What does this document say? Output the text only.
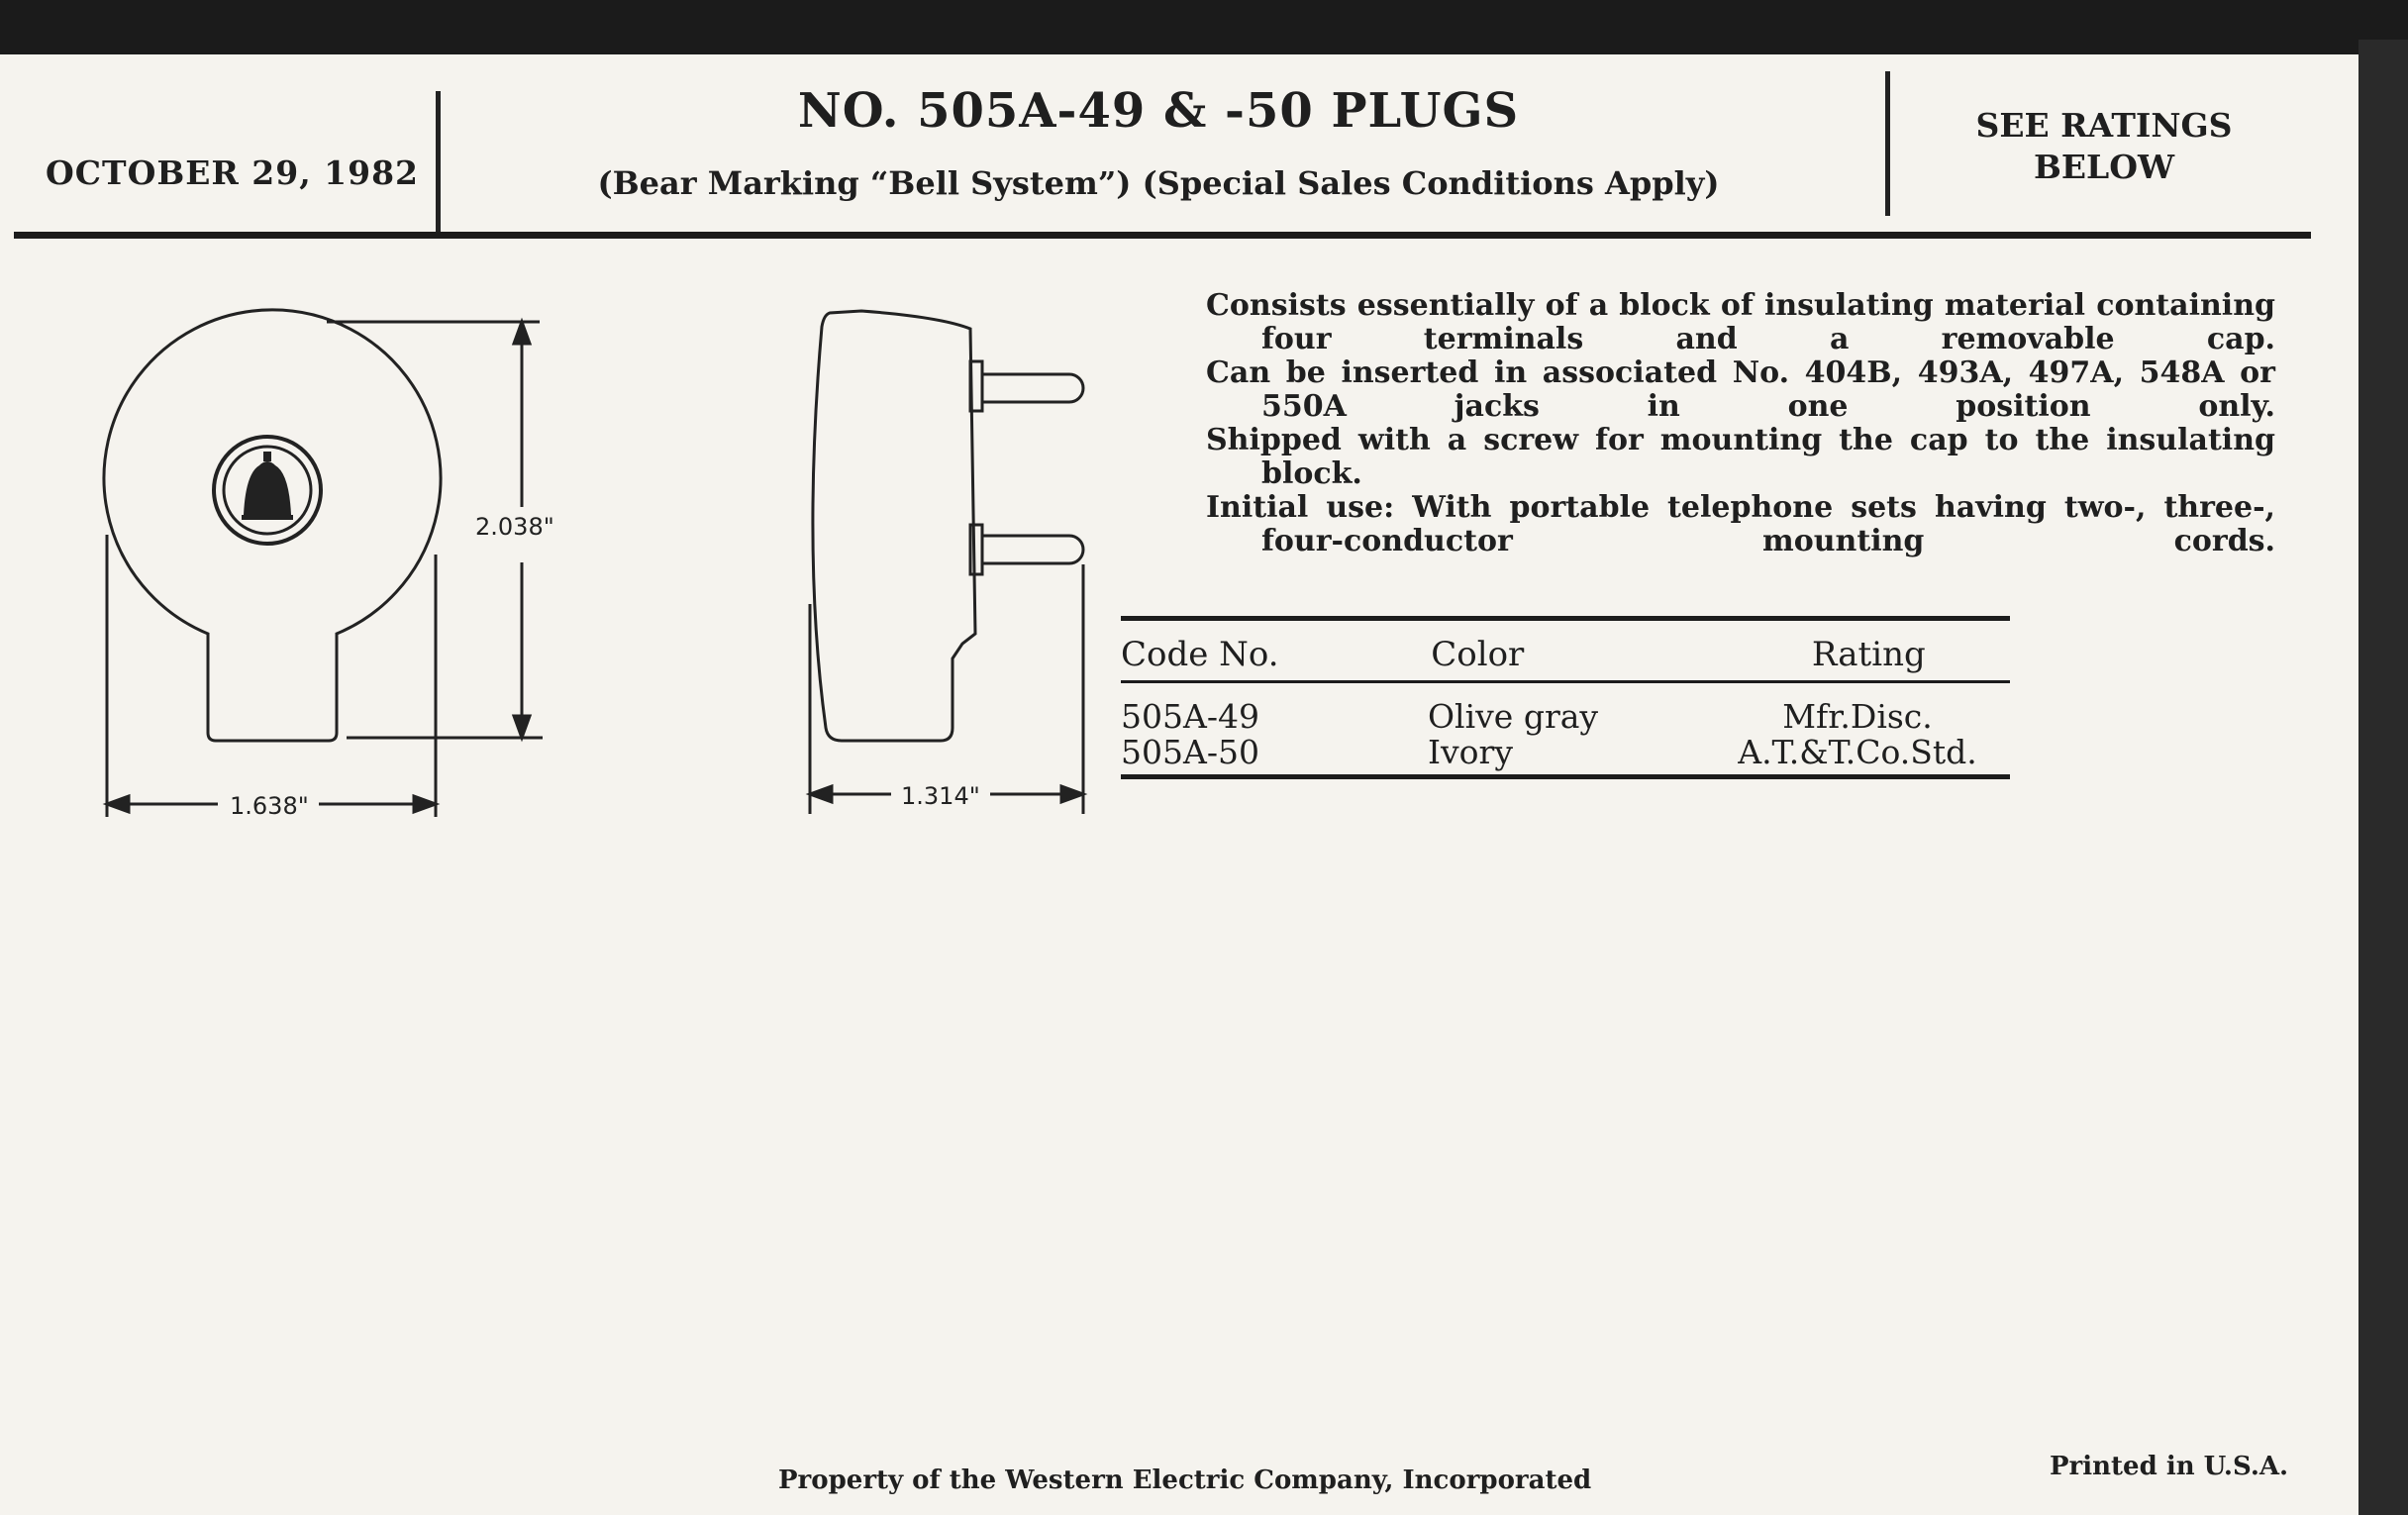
OCTOBER 29, 1982
NO. 505A-49 & -50 PLUGS
(Bear Marking “Bell System”) (Special Sales Conditions Apply)
SEE RATINGS
BELOW
2.038"
1.638"	1.314"

Consists essentially of a block of insulating material containing four terminals and a removable cap.

Can be inserted in associated No. 404B, 493A, 497A, 548A or 550A jacks in one position only.

Shipped with a screw for mounting the cap to the insulating block.

Initial use: With portable telephone sets having two-, three-, four-conductor mounting cords.

Code No.	Color	Rating
505A-49	Olive gray	Mfr.Disc.
505A-50	Ivory	A.T.&T.Co.Std.
Property of the Western Electric Company, Incorporated	Printed in U.S.A.
